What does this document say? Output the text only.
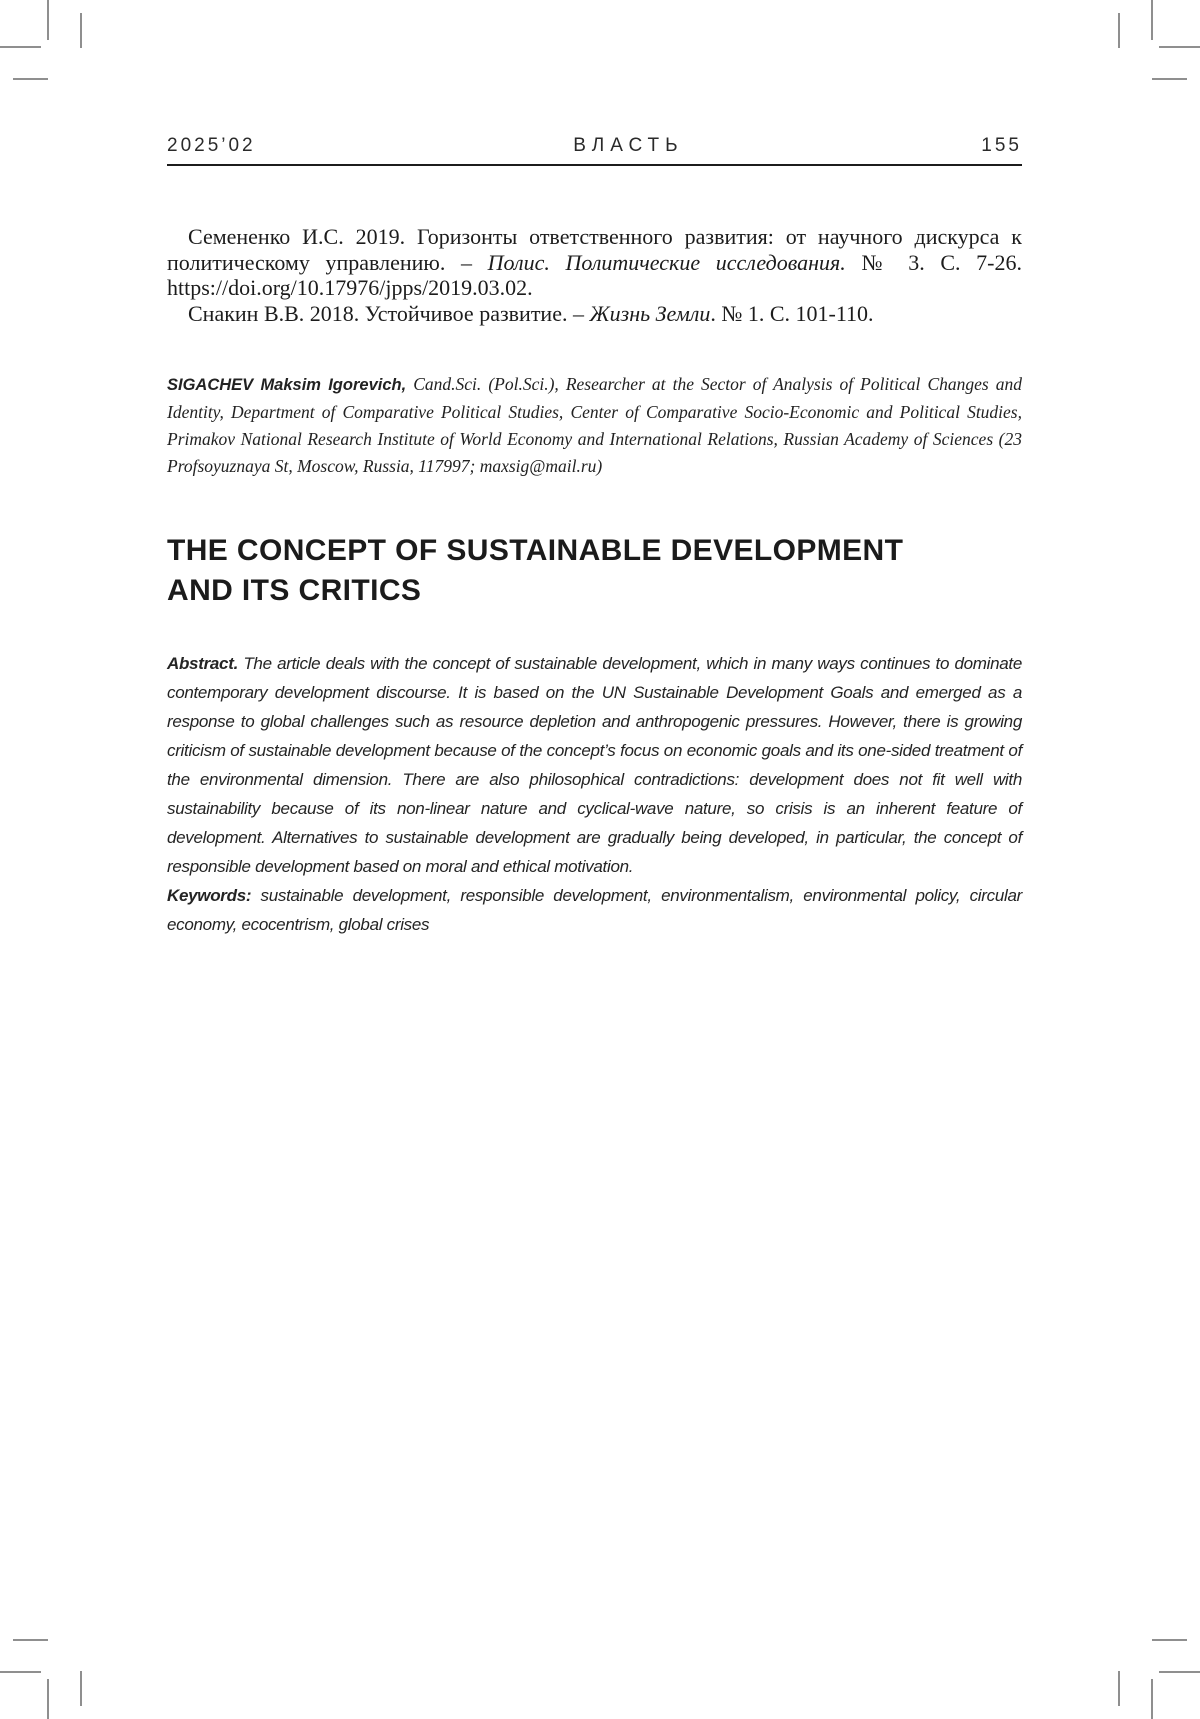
2025’02	ВЛАСТЬ	155

Семененко И.С. 2019. Горизонты ответственного развития: от научного дискурса к политическому управлению. – Полис. Политические исследования. № 3. С. 7-26. https://doi.org/10.17976/jpps/2019.03.02.

Снакин В.В. 2018. Устойчивое развитие. – Жизнь Земли. № 1. С. 101-110.

SIGACHEV Maksim Igorevich, Cand.Sci. (Pol.Sci.), Researcher at the Sector of Analysis of Political Changes and Identity, Department of Comparative Political Studies, Center of Comparative Socio-Economic and Political Studies, Primakov National Research Institute of World Economy and International Relations, Russian Academy of Sciences (23 Profsoyuznaya St, Moscow, Russia, 117997; maxsig@mail.ru)
THE CONCEPT OF SUSTAINABLE DEVELOPMENT
AND ITS CRITICS

Abstract. The article deals with the concept of sustainable development, which in many ways continues to dominate contemporary development discourse. It is based on the UN Sustainable Development Goals and emerged as a response to global challenges such as resource depletion and anthropogenic pressures. However, there is growing criticism of sustainable development because of the concept’s focus on economic goals and its one-sided treatment of the environmental dimension. There are also philosophical contradictions: development does not fit well with sustainability because of its non-linear nature and cyclical-wave nature, so crisis is an inherent feature of development. Alternatives to sustainable development are gradually being developed, in particular, the concept of responsible development based on moral and ethical motivation.

Keywords: sustainable development, responsible development, environmentalism, environmental policy, circular economy, ecocentrism, global crises
